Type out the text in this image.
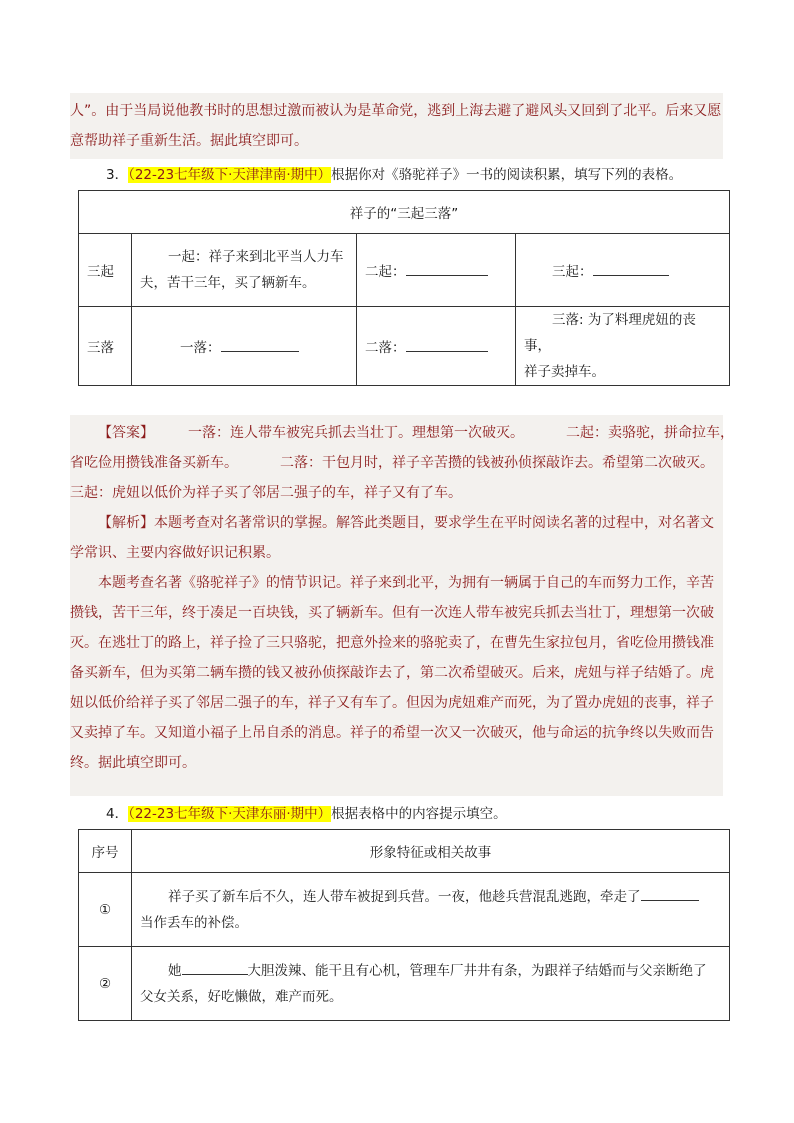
人”。由于当局说他教书时的思想过激而被认为是革命党，逃到上海去避了避风头又回到了北平。后来又愿

意帮助祥子重新生活。据此填空即可。

3．（22-23七年级下·天津津南·期中）根据你对《骆驼祥子》一书的阅读积累，填写下列的表格。
祥子的“三起三落”			
三起	一起：祥子来到北平当人力车
夫，苦干三年，买了辆新车。	二起：	三起：
三落	一落：	二落：	三落: 为了料理虎妞的丧事，
祥子卖掉车。

【答案】 一落：连人带车被宪兵抓去当壮丁。理想第一次破灭。	二起：卖骆驼，拼命拉车，

省吃俭用攒钱准备买新车。	二落：干包月时，祥子辛苦攒的钱被孙侦探敲诈去。希望第二次破灭。

三起：虎妞以低价为祥子买了邻居二强子的车，祥子又有了车。

【解析】本题考查对名著常识的掌握。解答此类题目，要求学生在平时阅读名著的过程中，对名著文

学常识、主要内容做好识记积累。

本题考查名著《骆驼祥子》的情节识记。祥子来到北平，为拥有一辆属于自己的车而努力工作，辛苦

攒钱，苦干三年，终于凑足一百块钱，买了辆新车。但有一次连人带车被宪兵抓去当壮丁，理想第一次破

灭。在逃壮丁的路上，祥子捡了三只骆驼，把意外捡来的骆驼卖了，在曹先生家拉包月，省吃俭用攒钱准

备买新车，但为买第二辆车攒的钱又被孙侦探敲诈去了，第二次希望破灭。后来，虎妞与祥子结婚了。虎

妞以低价给祥子买了邻居二强子的车，祥子又有车了。但因为虎妞难产而死，为了置办虎妞的丧事，祥子

又卖掉了车。又知道小福子上吊自杀的消息。祥子的希望一次又一次破灭，他与命运的抗争终以失败而告

终。据此填空即可。

4．（22-23七年级下·天津东丽·期中）根据表格中的内容提示填空。
序号	形象特征或相关故事
①	祥子买了新车后不久，连人带车被捉到兵营。一夜，他趁兵营混乱逃跑，牵走了
当作丢车的补偿。

②	她 大胆泼辣、能干且有心机，管理车厂井井有条，为跟祥子结婚而与父亲断绝了
父女关系，好吃懒做，难产而死。
